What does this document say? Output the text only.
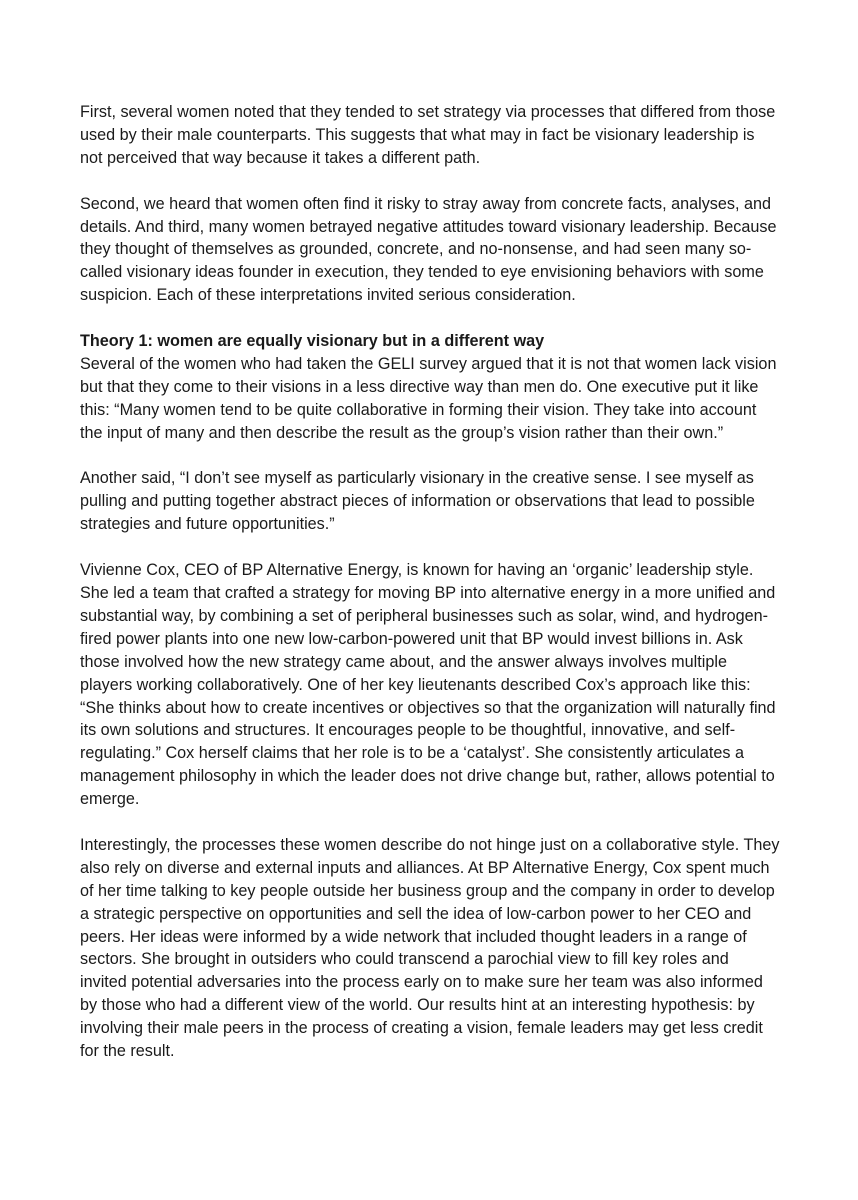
First, several women noted that they tended to set strategy via processes that differed from those used by their male counterparts. This suggests that what may in fact be visionary leadership is not perceived that way because it takes a different path.

Second, we heard that women often find it risky to stray away from concrete facts, analyses, and details. And third, many women betrayed negative attitudes toward visionary leadership. Because they thought of themselves as grounded, concrete, and no-nonsense, and had seen many so-called visionary ideas founder in execution, they tended to eye envisioning behaviors with some suspicion. Each of these interpretations invited serious consideration.

Theory 1: women are equally visionary but in a different way

Several of the women who had taken the GELI survey argued that it is not that women lack vision but that they come to their visions in a less directive way than men do. One executive put it like this: “Many women tend to be quite collaborative in forming their vision. They take into account the input of many and then describe the result as the group’s vision rather than their own.”

Another said, “I don’t see myself as particularly visionary in the creative sense. I see myself as pulling and putting together abstract pieces of information or observations that lead to possible strategies and future opportunities.”

Vivienne Cox, CEO of BP Alternative Energy, is known for having an ‘organic’ leadership style. She led a team that crafted a strategy for moving BP into alternative energy in a more unified and substantial way, by combining a set of peripheral businesses such as solar, wind, and hydrogen-fired power plants into one new low-carbon-powered unit that BP would invest billions in. Ask those involved how the new strategy came about, and the answer always involves multiple players working collaboratively. One of her key lieutenants described Cox’s approach like this: “She thinks about how to create incentives or objectives so that the organization will naturally find its own solutions and structures. It encourages people to be thoughtful, innovative, and self-regulating.” Cox herself claims that her role is to be a ‘catalyst’. She consistently articulates a management philosophy in which the leader does not drive change but, rather, allows potential to emerge.

Interestingly, the processes these women describe do not hinge just on a collaborative style. They also rely on diverse and external inputs and alliances. At BP Alternative Energy, Cox spent much of her time talking to key people outside her business group and the company in order to develop a strategic perspective on opportunities and sell the idea of low-carbon power to her CEO and peers. Her ideas were informed by a wide network that included thought leaders in a range of sectors. She brought in outsiders who could transcend a parochial view to fill key roles and invited potential adversaries into the process early on to make sure her team was also informed by those who had a different view of the world. Our results hint at an interesting hypothesis: by involving their male peers in the process of creating a vision, female leaders may get less credit for the result.
